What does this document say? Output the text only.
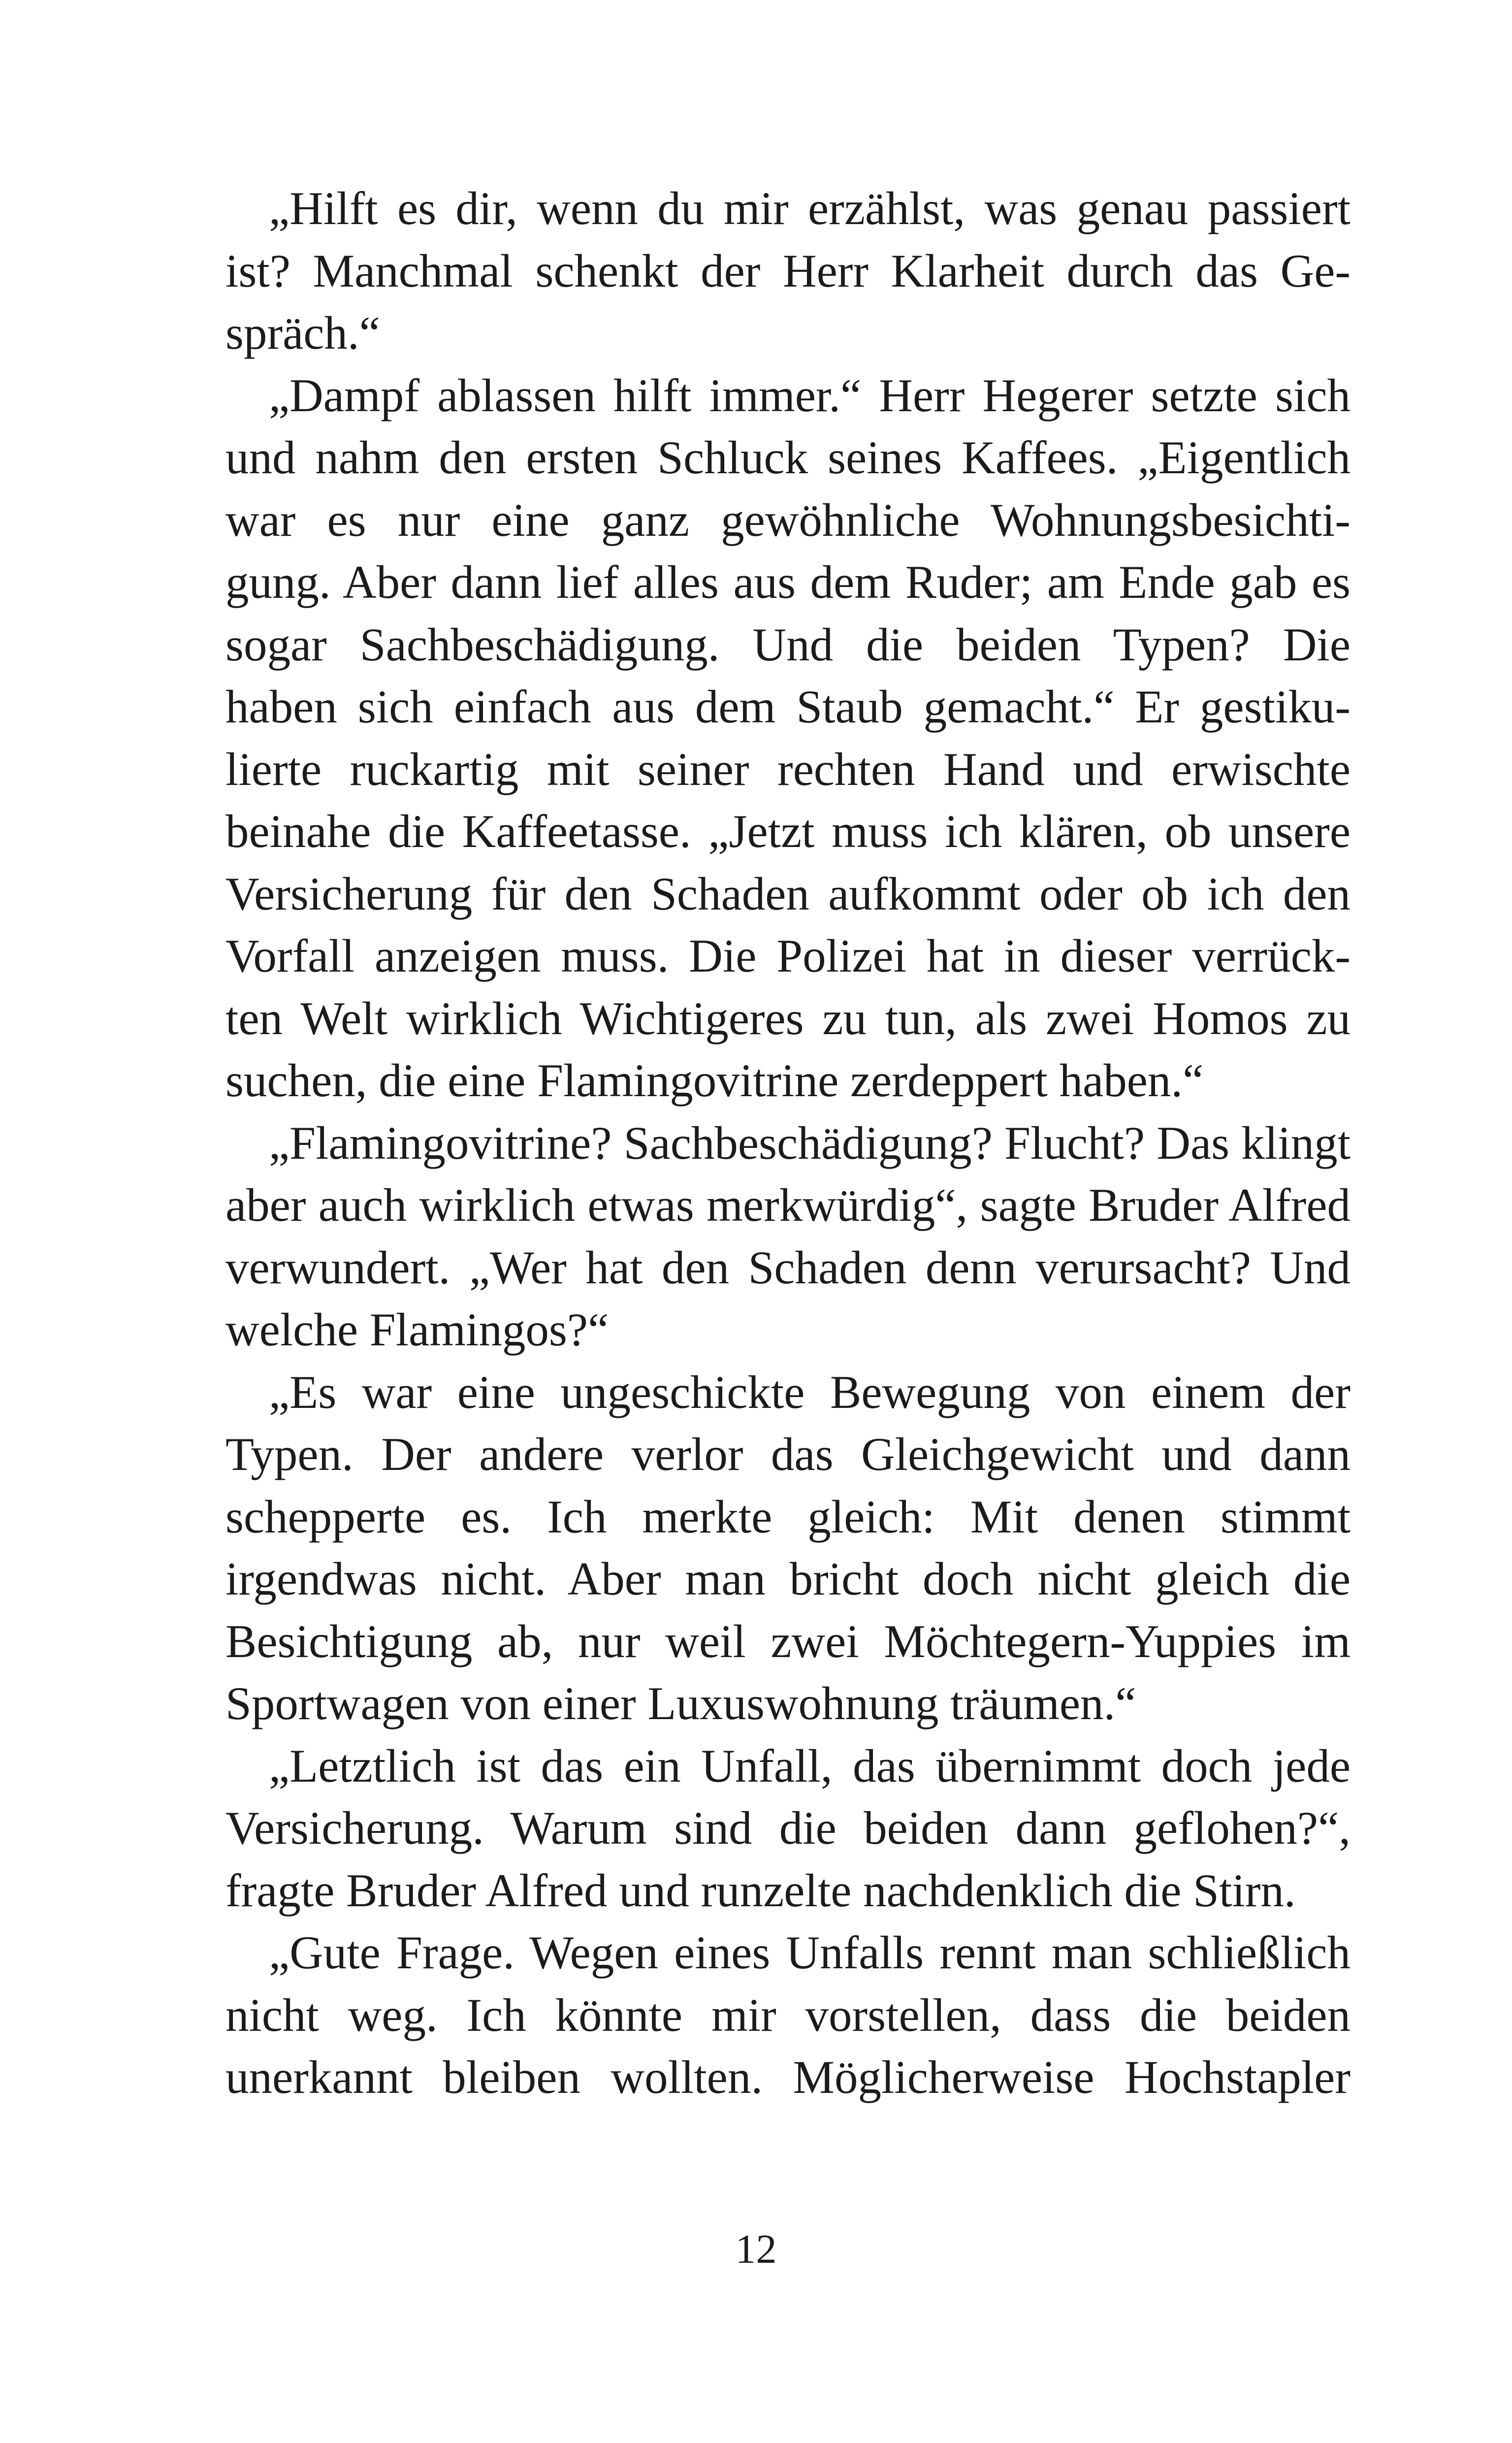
„Hilft es dir, wenn du mir erzählst, was genau passiert
ist? Manchmal schenkt der Herr Klarheit durch das Ge-
spräch.“
„Dampf ablassen hilft immer.“ Herr Hegerer setzte sich
und nahm den ersten Schluck seines Kaffees. „Eigentlich
war es nur eine ganz gewöhnliche Wohnungsbesichti-
gung. Aber dann lief alles aus dem Ruder; am Ende gab es
sogar Sachbeschädigung. Und die beiden Typen? Die
haben sich einfach aus dem Staub gemacht.“ Er gestiku-
lierte ruckartig mit seiner rechten Hand und erwischte
beinahe die Kaffeetasse. „Jetzt muss ich klären, ob unsere
Versicherung für den Schaden aufkommt oder ob ich den
Vorfall anzeigen muss. Die Polizei hat in dieser verrück-
ten Welt wirklich Wichtigeres zu tun, als zwei Homos zu
suchen, die eine Flamingovitrine zerdeppert haben.“
„Flamingovitrine? Sachbeschädigung? Flucht? Das klingt
aber auch wirklich etwas merkwürdig“, sagte Bruder Alfred
verwundert. „Wer hat den Schaden denn verursacht? Und
welche Flamingos?“
„Es war eine ungeschickte Bewegung von einem der
Typen. Der andere verlor das Gleichgewicht und dann
schepperte es. Ich merkte gleich: Mit denen stimmt
irgendwas nicht. Aber man bricht doch nicht gleich die
Besichtigung ab, nur weil zwei Möchtegern-Yuppies im
Sportwagen von einer Luxuswohnung träumen.“
„Letztlich ist das ein Unfall, das übernimmt doch jede
Versicherung. Warum sind die beiden dann geflohen?“,
fragte Bruder Alfred und runzelte nachdenklich die Stirn.
„Gute Frage. Wegen eines Unfalls rennt man schließlich
nicht weg. Ich könnte mir vorstellen, dass die beiden
unerkannt bleiben wollten. Möglicherweise Hochstapler
12
